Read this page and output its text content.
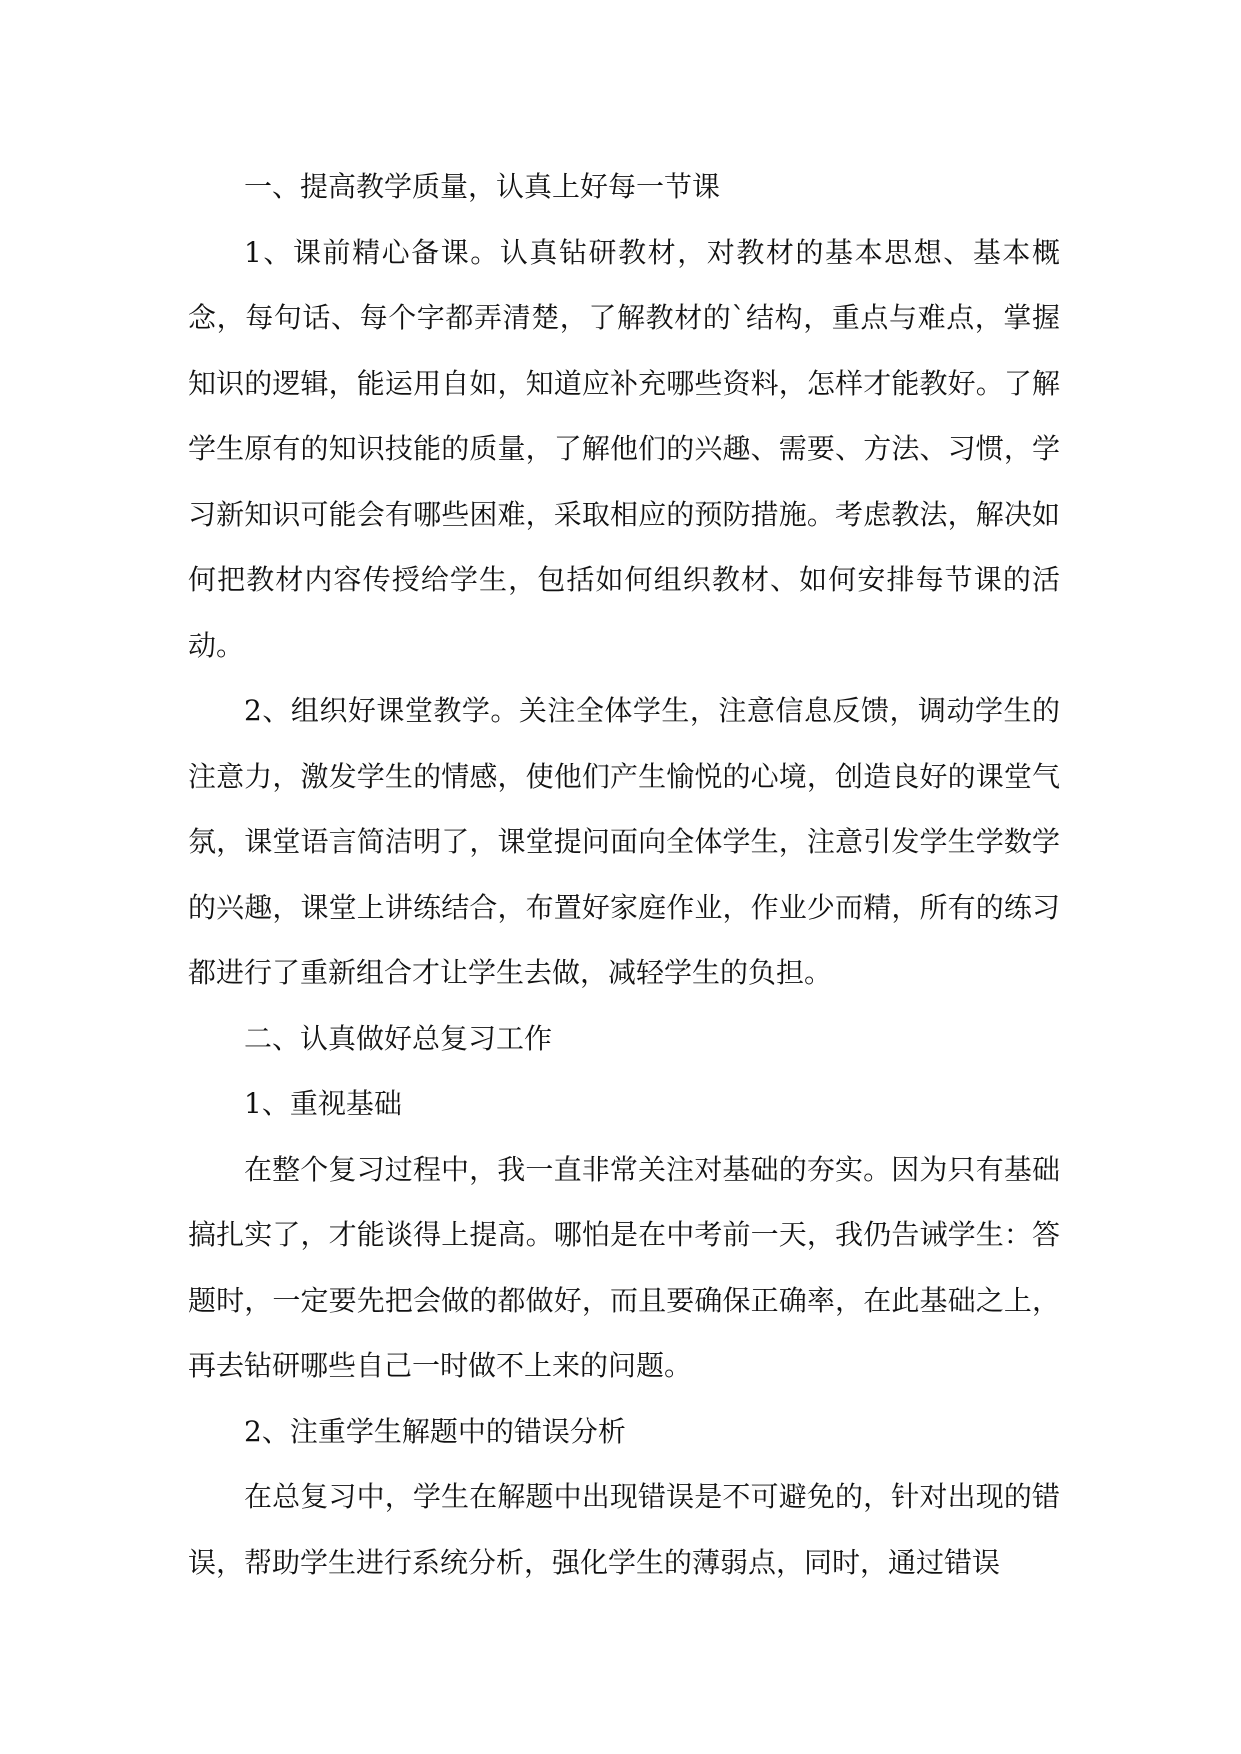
一、提高教学质量，认真上好每一节课

1、课前精心备课。认真钻研教材，对教材的基本思想、基本概念，每句话、每个字都弄清楚，了解教材的`结构，重点与难点，掌握知识的逻辑，能运用自如，知道应补充哪些资料，怎样才能教好。了解学生原有的知识技能的质量，了解他们的兴趣、需要、方法、习惯，学习新知识可能会有哪些困难，采取相应的预防措施。考虑教法，解决如何把教材内容传授给学生，包括如何组织教材、如何安排每节课的活动。

2、组织好课堂教学。关注全体学生，注意信息反馈，调动学生的注意力，激发学生的情感，使他们产生愉悦的心境，创造良好的课堂气氛，课堂语言简洁明了，课堂提问面向全体学生，注意引发学生学数学的兴趣，课堂上讲练结合，布置好家庭作业，作业少而精，所有的练习都进行了重新组合才让学生去做，减轻学生的负担。

二、认真做好总复习工作

1、重视基础

在整个复习过程中，我一直非常关注对基础的夯实。因为只有基础搞扎实了，才能谈得上提高。哪怕是在中考前一天，我仍告诫学生：答题时，一定要先把会做的都做好，而且要确保正确率，在此基础之上，再去钻研哪些自己一时做不上来的问题。

2、注重学生解题中的错误分析

在总复习中，学生在解题中出现错误是不可避免的，针对出现的错误，帮助学生进行系统分析，强化学生的薄弱点，同时，通过错误
